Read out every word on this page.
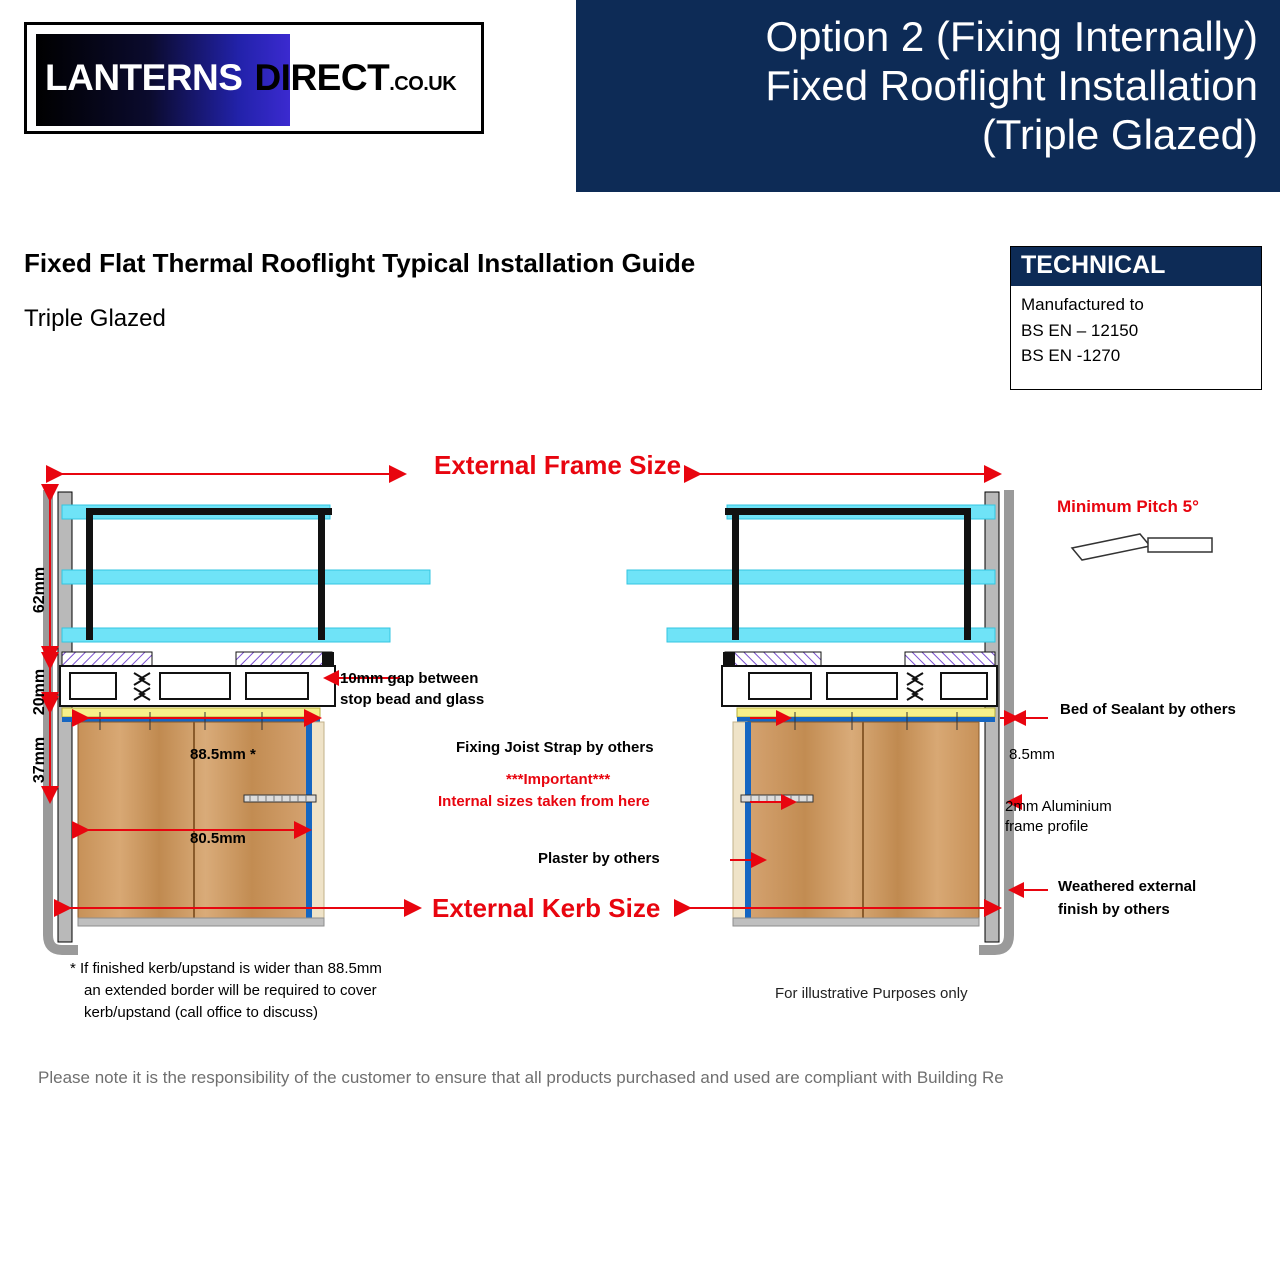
LANTERNS DIRECT.CO.UK
Option 2 (Fixing Internally)
Fixed Rooflight Installation
(Triple Glazed)
Fixed Flat Thermal Rooflight Typical Installation Guide
Triple Glazed
TECHNICAL
Manufactured to
BS EN – 12150
BS EN -1270
62mm
20mm
37mm
External Frame Size
External Kerb Size
Minimum Pitch 5°
88.5mm *
80.5mm
8.5mm
10mm gap between
stop bead and glass
Fixing Joist Strap by others
***Important***
Internal sizes taken from here
Plaster by others
Bed of Sealant by others
2mm Aluminium
frame profile
Weathered external
finish by others
* If finished kerb/upstand is wider than 88.5mm
an extended border will be required to cover
kerb/upstand (call office to discuss)
For illustrative Purposes only
Please note it is the responsibility of the customer to ensure that all products purchased and used are compliant with Building Re
